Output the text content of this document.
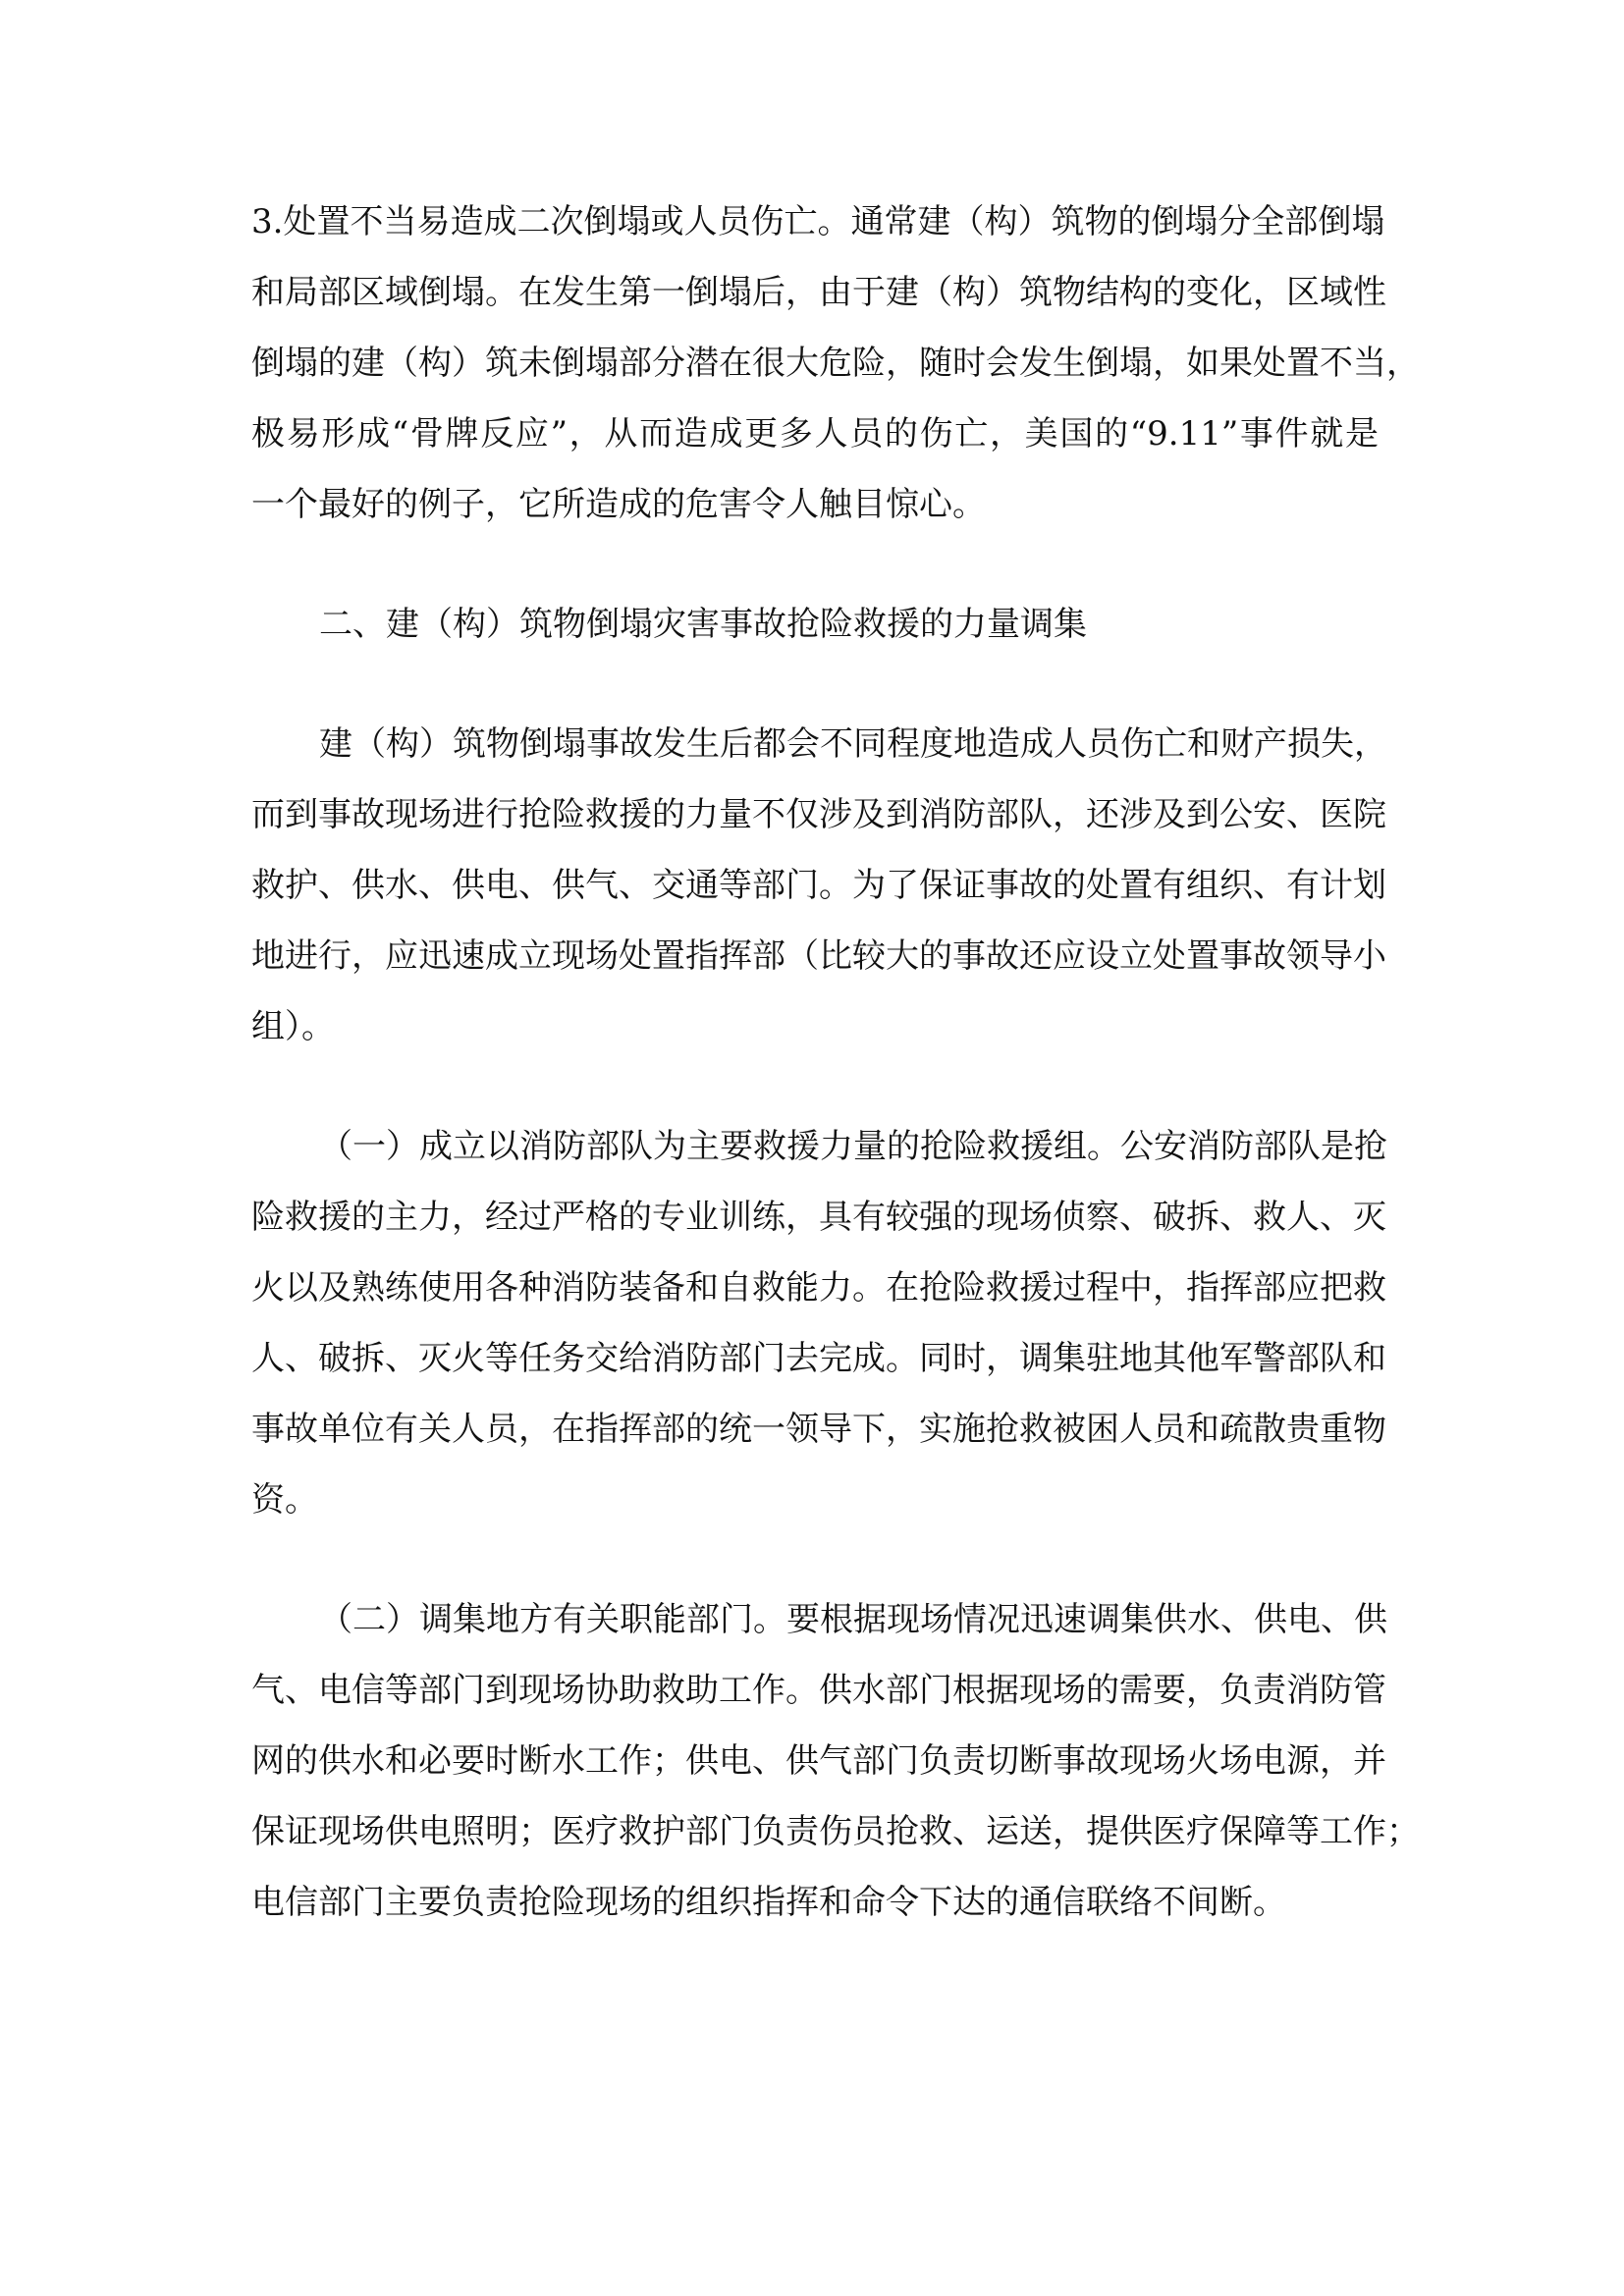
3.处置不当易造成二次倒塌或人员伤亡。通常建（构）筑物的倒塌分全部倒塌
和局部区域倒塌。在发生第一倒塌后，由于建（构）筑物结构的变化，区域性
倒塌的建（构）筑未倒塌部分潜在很大危险，随时会发生倒塌，如果处置不当，
极易形成“骨牌反应”，从而造成更多人员的伤亡，美国的“9.11”事件就是
一个最好的例子，它所造成的危害令人触目惊心。
二、建（构）筑物倒塌灾害事故抢险救援的力量调集
建（构）筑物倒塌事故发生后都会不同程度地造成人员伤亡和财产损失，
而到事故现场进行抢险救援的力量不仅涉及到消防部队，还涉及到公安、医院
救护、供水、供电、供气、交通等部门。为了保证事故的处置有组织、有计划
地进行，应迅速成立现场处置指挥部（比较大的事故还应设立处置事故领导小
组）。
（一）成立以消防部队为主要救援力量的抢险救援组。公安消防部队是抢
险救援的主力，经过严格的专业训练，具有较强的现场侦察、破拆、救人、灭
火以及熟练使用各种消防装备和自救能力。在抢险救援过程中，指挥部应把救
人、破拆、灭火等任务交给消防部门去完成。同时，调集驻地其他军警部队和
事故单位有关人员，在指挥部的统一领导下，实施抢救被困人员和疏散贵重物
资。
（二）调集地方有关职能部门。要根据现场情况迅速调集供水、供电、供
气、电信等部门到现场协助救助工作。供水部门根据现场的需要，负责消防管
网的供水和必要时断水工作；供电、供气部门负责切断事故现场火场电源，并
保证现场供电照明；医疗救护部门负责伤员抢救、运送，提供医疗保障等工作；
电信部门主要负责抢险现场的组织指挥和命令下达的通信联络不间断。
